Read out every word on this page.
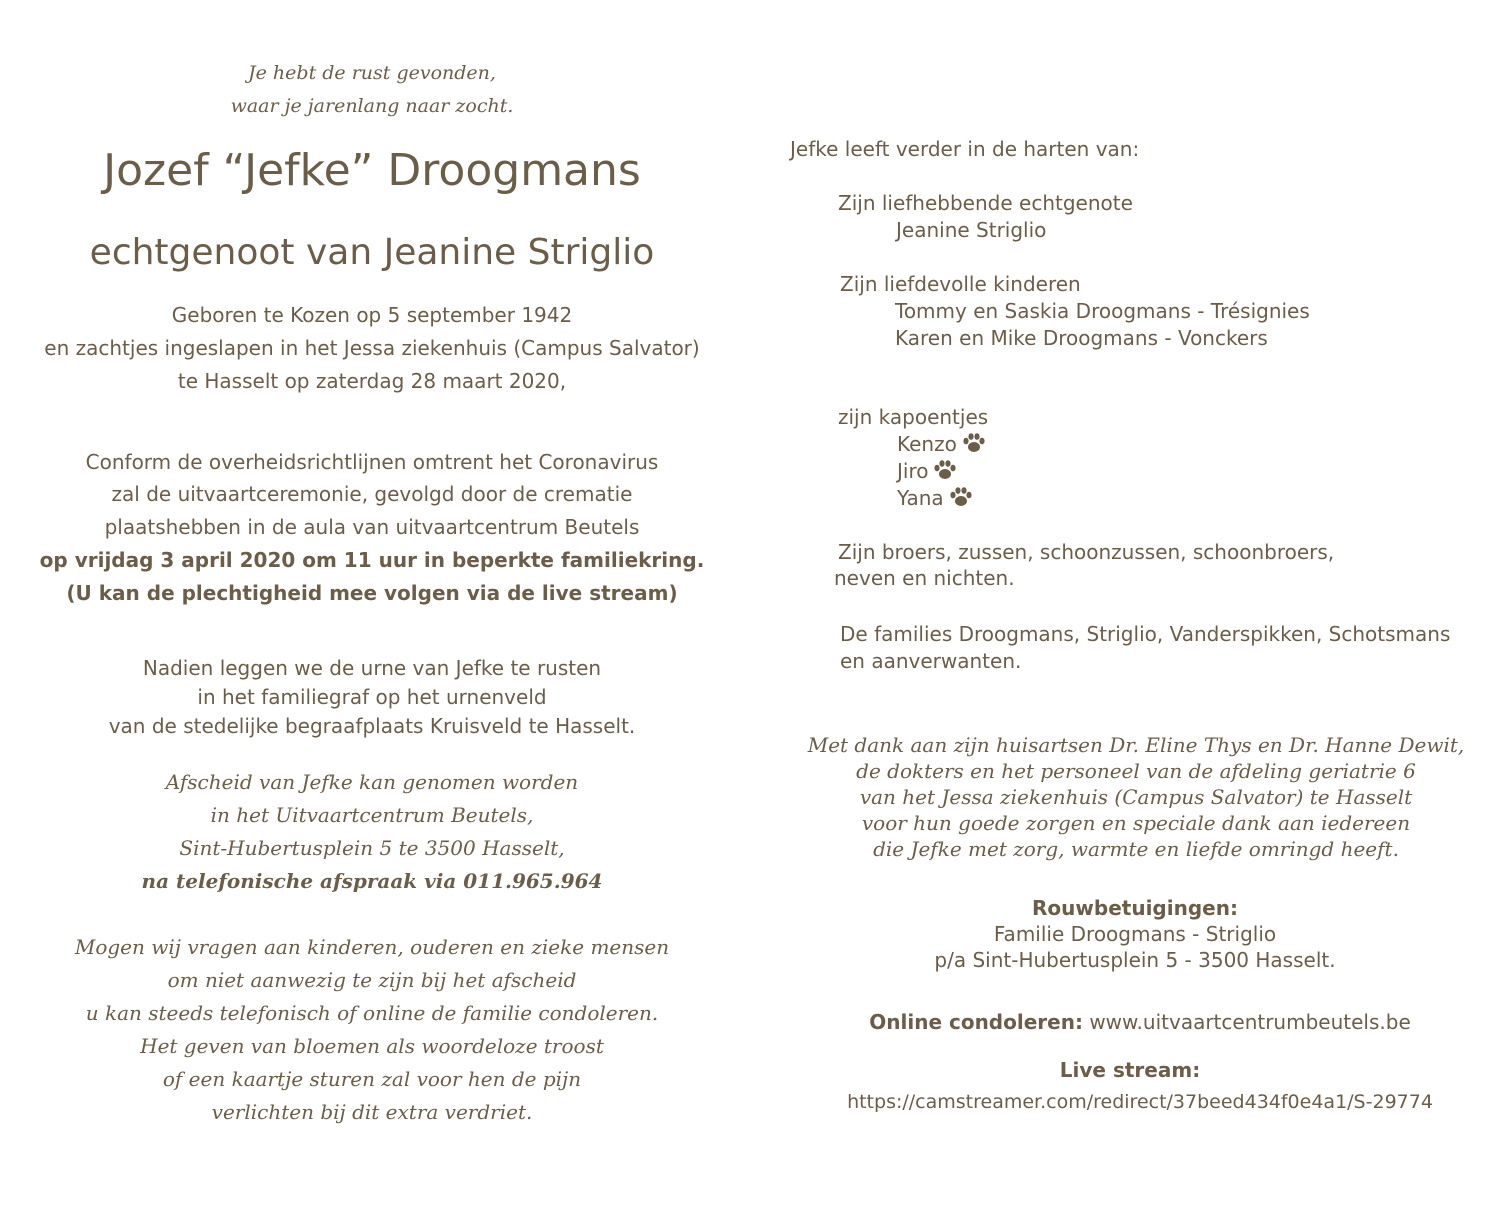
Je hebt de rust gevonden,
waar je jarenlang naar zocht.
Jozef “Jefke” Droogmans
echtgenoot van Jeanine Striglio
Geboren te Kozen op 5 september 1942
en zachtjes ingeslapen in het Jessa ziekenhuis (Campus Salvator)
te Hasselt op zaterdag 28 maart 2020,
Conform de overheidsrichtlijnen omtrent het Coronavirus
zal de uitvaartceremonie, gevolgd door de crematie
plaatshebben in de aula van uitvaartcentrum Beutels
op vrijdag 3 april 2020 om 11 uur in beperkte familiekring.
(U kan de plechtigheid mee volgen via de live stream)
Nadien leggen we de urne van Jefke te rusten
in het familiegraf op het urnenveld
van de stedelijke begraafplaats Kruisveld te Hasselt.
Afscheid van Jefke kan genomen worden
in het Uitvaartcentrum Beutels,
Sint-Hubertusplein 5 te 3500 Hasselt,
na telefonische afspraak via 011.965.964
Mogen wij vragen aan kinderen, ouderen en zieke mensen
om niet aanwezig te zijn bij het afscheid
u kan steeds telefonisch of online de familie condoleren.
Het geven van bloemen als woordeloze troost
of een kaartje sturen zal voor hen de pijn
verlichten bij dit extra verdriet.
Jefke leeft verder in de harten van:
Zijn liefhebbende echtgenote
Jeanine Striglio
Zijn liefdevolle kinderen
Tommy en Saskia Droogmans - Trésignies
Karen en Mike Droogmans - Vonckers
zijn kapoentjes
Kenzo
Jiro
Yana
Zijn broers, zussen, schoonzussen, schoonbroers,
neven en nichten.
De families Droogmans, Striglio, Vanderspikken, Schotsmans
en aanverwanten.
Met dank aan zijn huisartsen Dr. Eline Thys en Dr. Hanne Dewit,
de dokters en het personeel van de afdeling geriatrie 6
van het Jessa ziekenhuis (Campus Salvator) te Hasselt
voor hun goede zorgen en speciale dank aan iedereen
die Jefke met zorg, warmte en liefde omringd heeft.
Rouwbetuigingen:
Familie Droogmans - Striglio
p/a Sint-Hubertusplein 5 - 3500 Hasselt.
Online condoleren: www.uitvaartcentrumbeutels.be
Live stream:
https://camstreamer.com/redirect/37beed434f0e4a1/S-29774
